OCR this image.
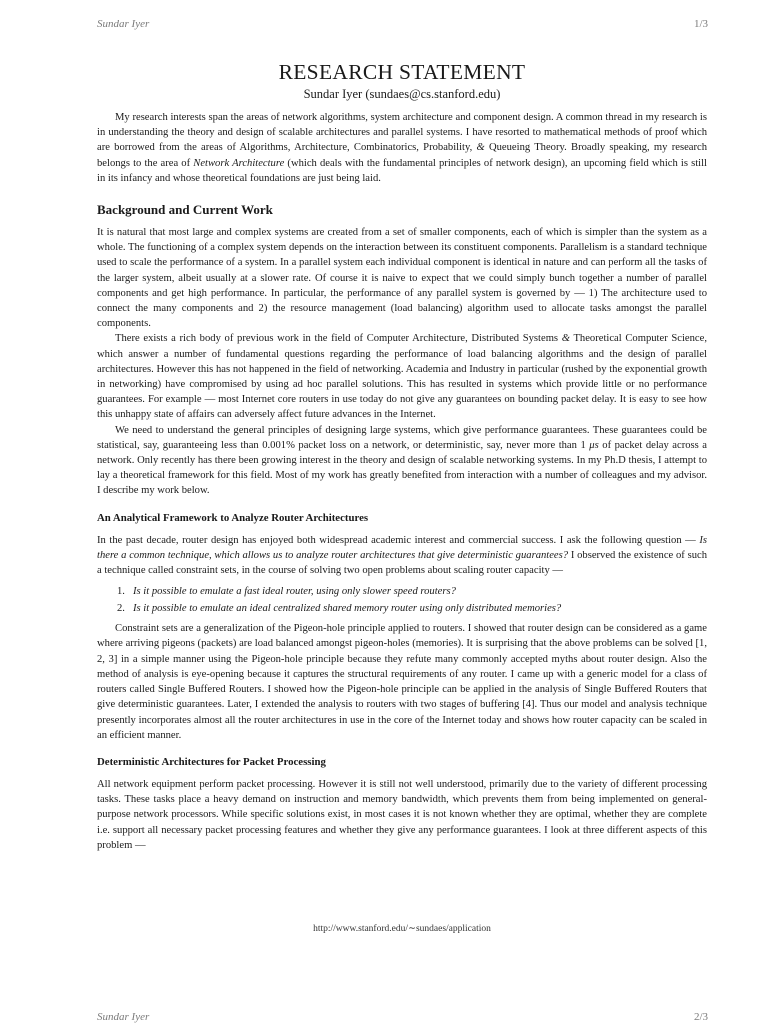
Sundar Iyer	1/3
RESEARCH STATEMENT
Sundar Iyer (sundaes@cs.stanford.edu)

My research interests span the areas of network algorithms, system architecture and component design. A common thread in my research is in understanding the theory and design of scalable architectures and parallel systems. I have resorted to mathematical methods of proof which are borrowed from the areas of Algorithms, Architecture, Combinatorics, Probability, & Queueing Theory. Broadly speaking, my research belongs to the area of Network Architecture (which deals with the fundamental principles of network design), an upcoming field which is still in its infancy and whose theoretical foundations are just being laid.

Background and Current Work

It is natural that most large and complex systems are created from a set of smaller components, each of which is simpler than the system as a whole. The functioning of a complex system depends on the interaction between its constituent components. Parallelism is a standard technique used to scale the performance of a system. In a parallel system each individual component is identical in nature and can perform all the tasks of the larger system, albeit usually at a slower rate. Of course it is naive to expect that we could simply bunch together a number of parallel components and get high performance. In particular, the performance of any parallel system is governed by — 1) The architecture used to connect the many components and 2) the resource management (load balancing) algorithm used to allocate tasks amongst the parallel components.

There exists a rich body of previous work in the field of Computer Architecture, Distributed Systems & Theoretical Computer Science, which answer a number of fundamental questions regarding the performance of load balancing algorithms and the design of parallel architectures. However this has not happened in the field of networking. Academia and Industry in particular (rushed by the exponential growth in networking) have compromised by using ad hoc parallel solutions. This has resulted in systems which provide little or no performance guarantees. For example — most Internet core routers in use today do not give any guarantees on bounding packet delay. It is easy to see how this unhappy state of affairs can adversely affect future advances in the Internet.

We need to understand the general principles of designing large systems, which give performance guarantees. These guarantees could be statistical, say, guaranteeing less than 0.001% packet loss on a network, or deterministic, say, never more than 1 μs of packet delay across a network. Only recently has there been growing interest in the theory and design of scalable networking systems. In my Ph.D thesis, I attempt to lay a theoretical framework for this field. Most of my work has greatly benefited from interaction with a number of colleagues and my advisor. I describe my work below.

An Analytical Framework to Analyze Router Architectures

In the past decade, router design has enjoyed both widespread academic interest and commercial success. I ask the following question — Is there a common technique, which allows us to analyze router architectures that give deterministic guarantees? I observed the existence of such a technique called constraint sets, in the course of solving two open problems about scaling router capacity —

1. Is it possible to emulate a fast ideal router, using only slower speed routers?
2. Is it possible to emulate an ideal centralized shared memory router using only distributed memories?

Constraint sets are a generalization of the Pigeon-hole principle applied to routers. I showed that router design can be considered as a game where arriving pigeons (packets) are load balanced amongst pigeon-holes (memories). It is surprising that the above problems can be solved [1, 2, 3] in a simple manner using the Pigeon-hole principle because they refute many commonly accepted myths about router design. Also the method of analysis is eye-opening because it captures the structural requirements of any router. I came up with a generic model for a class of routers called Single Buffered Routers. I showed how the Pigeon-hole principle can be applied in the analysis of Single Buffered Routers that give deterministic guarantees. Later, I extended the analysis to routers with two stages of buffering [4]. Thus our model and analysis technique presently incorporates almost all the router architectures in use in the core of the Internet today and shows how router capacity can be scaled in an efficient manner.

Deterministic Architectures for Packet Processing

All network equipment perform packet processing. However it is still not well understood, primarily due to the variety of different processing tasks. These tasks place a heavy demand on instruction and memory bandwidth, which prevents them from being implemented on general-purpose network processors. While specific solutions exist, in most cases it is not known whether they are optimal, whether they are complete i.e. support all necessary packet processing features and whether they give any performance guarantees. I look at three different aspects of this problem —

http://www.stanford.edu/∼sundaes/application
Sundar Iyer	2/3
